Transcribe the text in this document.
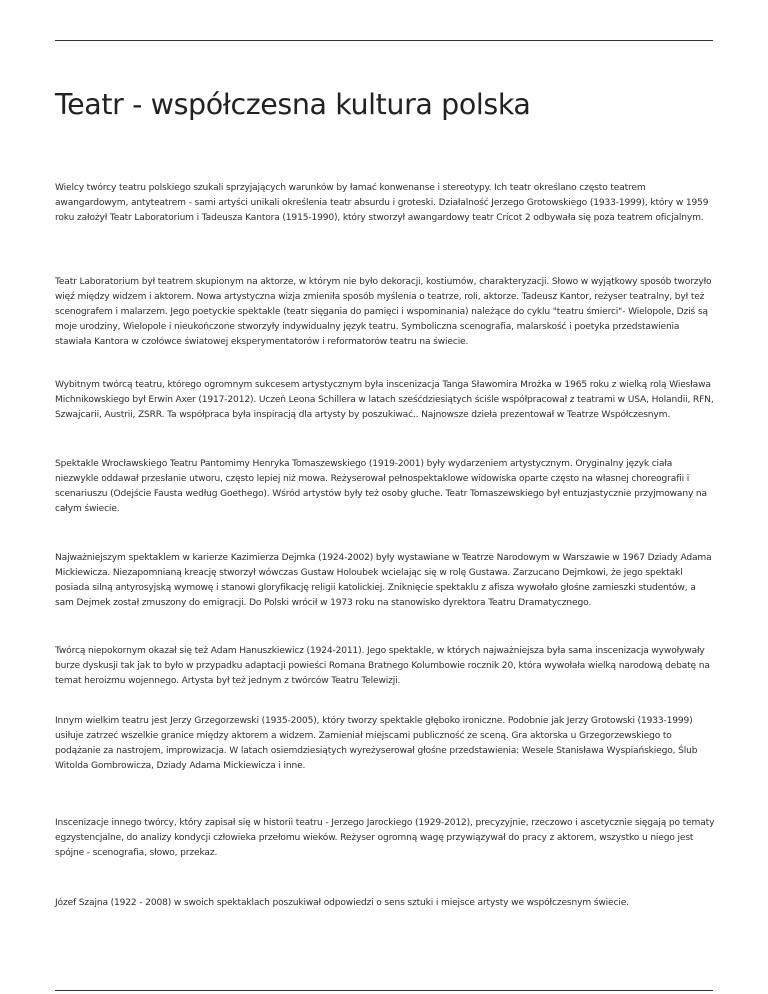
Teatr - współczesna kultura polska

Wielcy twórcy teatru polskiego szukali sprzyjających warunków by łamać konwenanse i stereotypy. Ich teatr określano często teatrem awangardowym, antyteatrem - sami artyści unikali określenia teatr absurdu i groteski. Działalność Jerzego Grotowskiego (1933-1999), który w 1959 roku założył Teatr Laboratorium i Tadeusza Kantora (1915-1990), który stworzył awangardowy teatr Cricot 2 odbywała się poza teatrem oficjalnym.

Teatr Laboratorium był teatrem skupionym na aktorze, w którym nie było dekoracji, kostiumów, charakteryzacji. Słowo w wyjątkowy sposób tworzyło więź między widzem i aktorem. Nowa artystyczna wizja zmieniła sposób myślenia o teatrze, roli, aktorze. Tadeusz Kantor, reżyser teatralny, był też scenografem i malarzem. Jego poetyckie spektakle (teatr sięgania do pamięci i wspominania) należące do cyklu "teatru śmierci"- Wielopole, Dziś są moje urodziny, Wielopole i nieukończone stworzyły indywidualny język teatru. Symboliczna scenografia, malarskość i poetyka przedstawienia stawiała Kantora w czołówce światowej eksperymentatorów i reformatorów teatru na świecie.

Wybitnym twórcą teatru, którego ogromnym sukcesem artystycznym była inscenizacja Tanga Sławomira Mrożka w 1965 roku z wielką rolą Wiesława Michnikowskiego był Erwin Axer (1917-2012). Uczeń Leona Schillera w latach sześćdziesiątych ściśle współpracował z teatrami w USA, Holandii, RFN, Szwajcarii, Austrii, ZSRR. Ta współpraca była inspiracją dla artysty by poszukiwać.. Najnowsze dzieła prezentował w Teatrze Współczesnym.

Spektakle Wrocławskiego Teatru Pantomimy Henryka Tomaszewskiego (1919-2001) były wydarzeniem artystycznym. Oryginalny język ciała niezwykle oddawał przesłanie utworu, często lepiej niż mowa. Reżyserował pełnospektaklowe widowiska oparte często na własnej choreografii i scenariuszu (Odejście Fausta według Goethego). Wśród artystów były też osoby głuche. Teatr Tomaszewskiego był entuzjastycznie przyjmowany na całym świecie.

Najważniejszym spektaklem w karierze Kazimierza Dejmka (1924-2002) były wystawiane w Teatrze Narodowym w Warszawie w 1967 Dziady Adama Mickiewicza. Niezapomnianą kreację stworzył wówczas Gustaw Holoubek wcielając się w rolę Gustawa. Zarzucano Dejmkowi, że jego spektakl posiada silną antyrosyjską wymowę i stanowi gloryfikację religii katolickiej. Zniknięcie spektaklu z afisza wywołało głośne zamieszki studentów, a sam Dejmek został zmuszony do emigracji. Do Polski wrócił w 1973 roku na stanowisko dyrektora Teatru Dramatycznego.

Twórcą niepokornym okazał się też Adam Hanuszkiewicz (1924-2011). Jego spektakle, w których najważniejsza była sama inscenizacja wywoływały burze dyskusji tak jak to było w przypadku adaptacji powieści Romana Bratnego Kolumbowie rocznik 20, która wywołała wielką narodową debatę na temat heroizmu wojennego. Artysta był też jednym z twórców Teatru Telewizji.

Innym wielkim teatru jest Jerzy Grzegorzewski (1935-2005), który tworzy spektakle głęboko ironiczne. Podobnie jak Jerzy Grotowski (1933-1999) usiłuje zatrzeć wszelkie granice między aktorem a widzem. Zamieniał miejscami publiczność ze sceną. Gra aktorska u Grzegorzewskiego to podążanie za nastrojem, improwizacja. W latach osiemdziesiątych wyreżyserował głośne przedstawienia: Wesele Stanisława Wyspiańskiego, Ślub Witolda Gombrowicza, Dziady Adama Mickiewicza i inne.

Inscenizacje innego twórcy, który zapisał się w historii teatru - Jerzego Jarockiego (1929-2012), precyzyjnie, rzeczowo i ascetycznie sięgają po tematy egzystencjalne, do analizy kondycji człowieka przełomu wieków. Reżyser ogromną wagę przywiązywał do pracy z aktorem, wszystko u niego jest spójne - scenografia, słowo, przekaz.

Józef Szajna (1922 - 2008) w swoich spektaklach poszukiwał odpowiedzi o sens sztuki i miejsce artysty we współczesnym świecie.
